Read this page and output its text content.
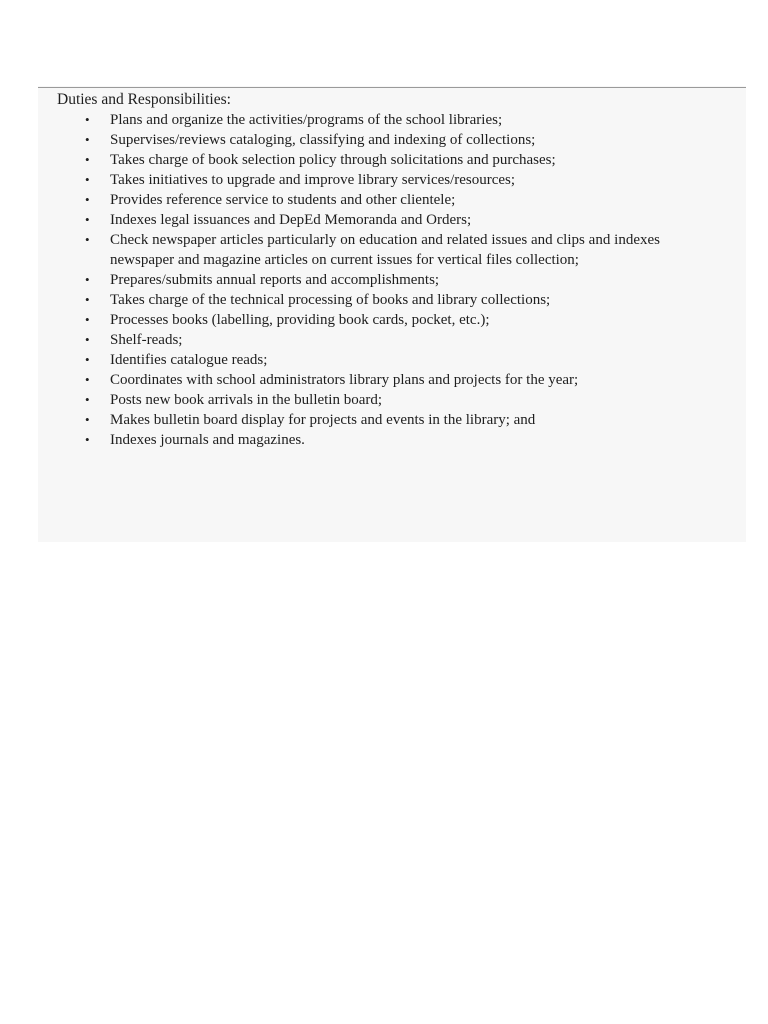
Duties and Responsibilities:
• Plans and organize the activities/programs of the school libraries;
• Supervises/reviews cataloging, classifying and indexing of collections;
• Takes charge of book selection policy through solicitations and purchases;
• Takes initiatives to upgrade and improve library services/resources;
• Provides reference service to students and other clientele;
• Indexes legal issuances and DepEd Memoranda and Orders;
• Check newspaper articles particularly on education and related issues and clips and indexes newspaper and magazine articles on current issues for vertical files collection;
• Prepares/submits annual reports and accomplishments;
• Takes charge of the technical processing of books and library collections;
• Processes books (labelling, providing book cards, pocket, etc.);
• Shelf-reads;
• Identifies catalogue reads;
• Coordinates with school administrators library plans and projects for the year;
• Posts new book arrivals in the bulletin board;
• Makes bulletin board display for projects and events in the library; and
• Indexes journals and magazines.
